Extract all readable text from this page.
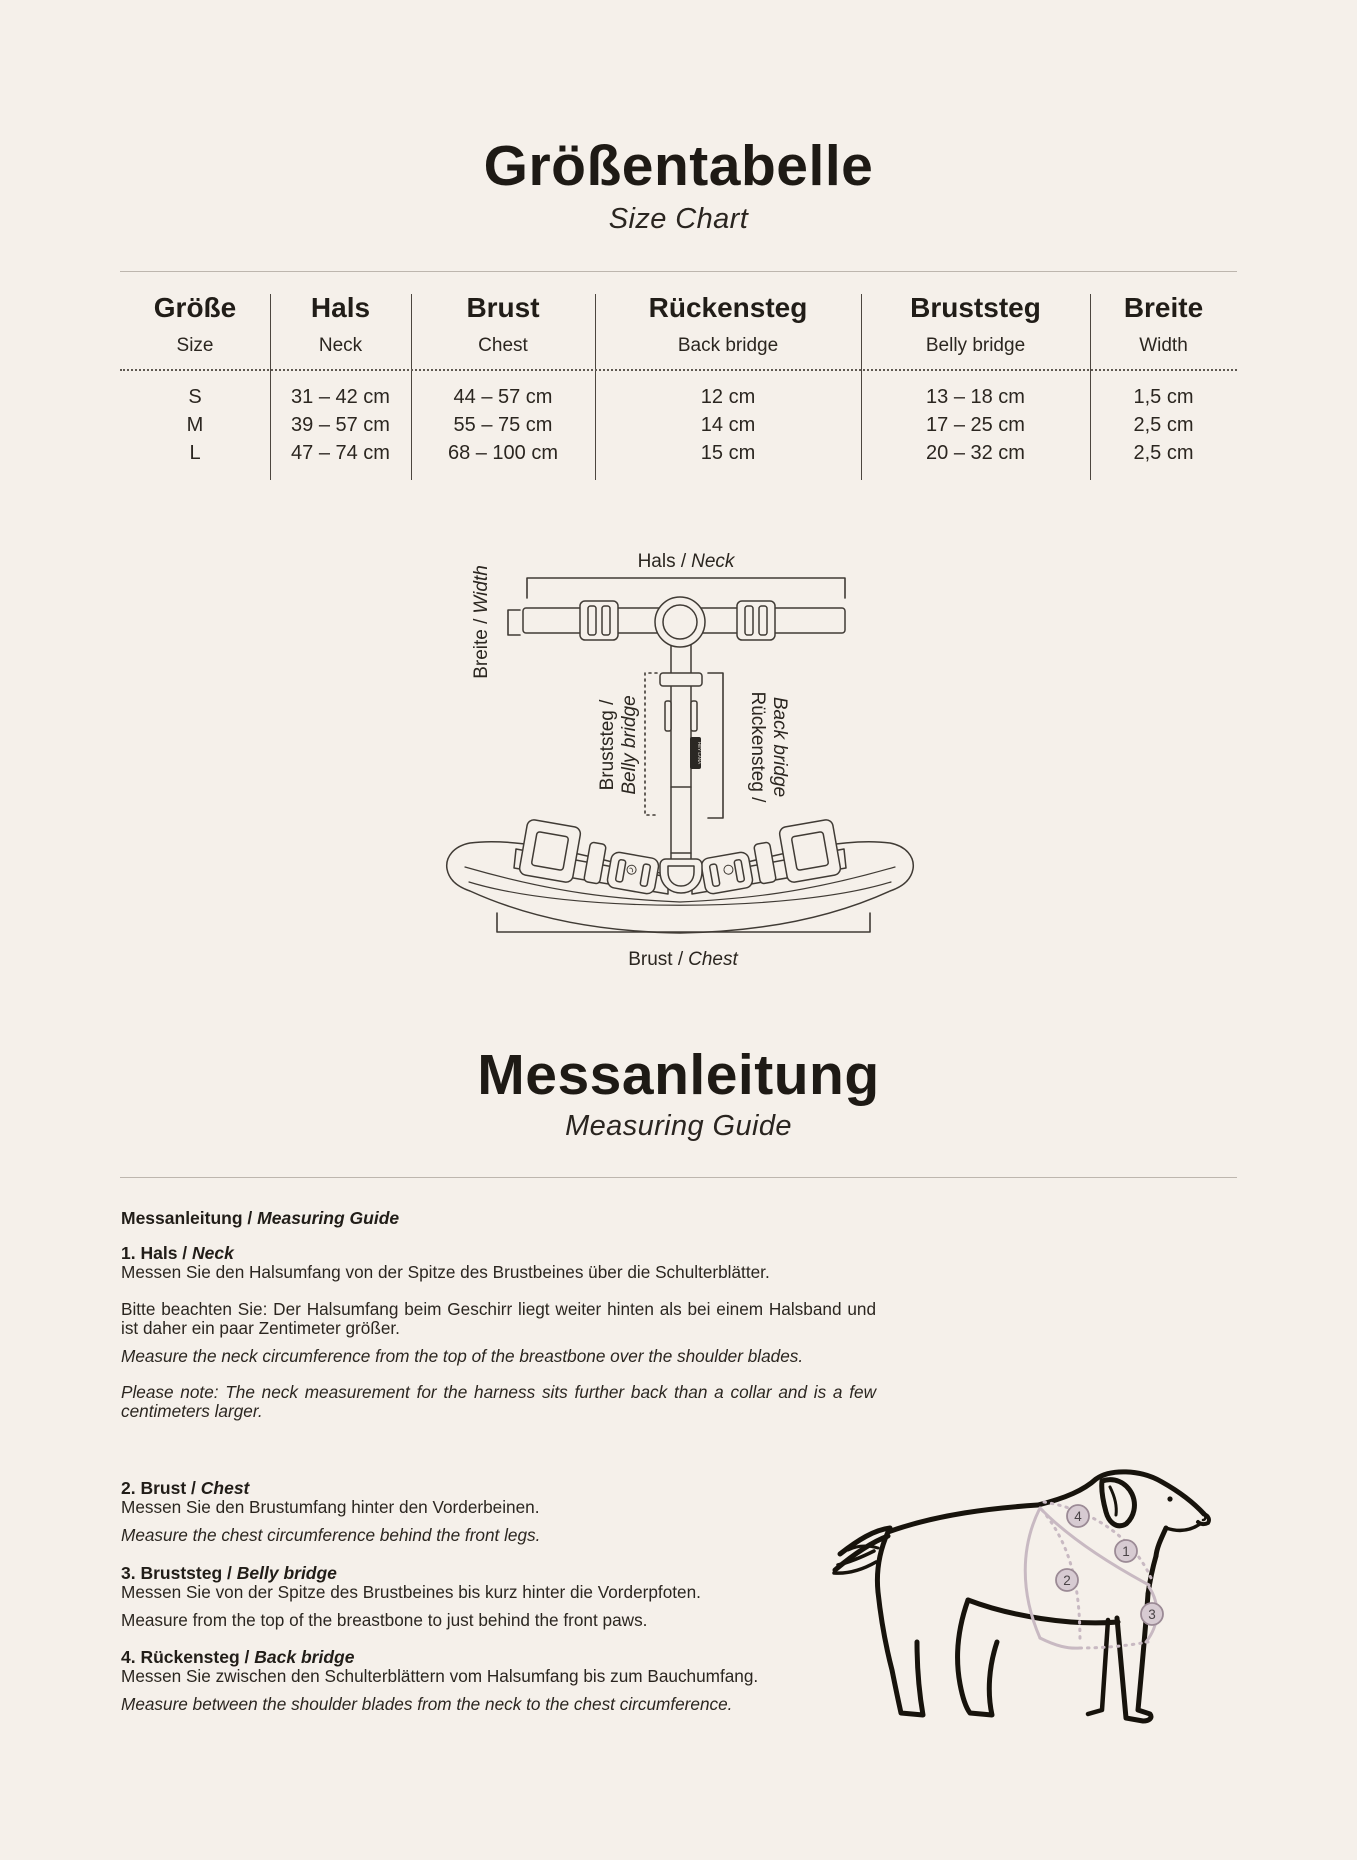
Größentabelle
Size Chart
Größe	Hals	Brust	Rückensteg	Bruststeg	Breite
Size	Neck	Chest	Back bridge	Belly bridge	Width
S	31 – 42 cm	44 – 57 cm	12 cm	13 – 18 cm	1,5 cm
M	39 – 57 cm	55 – 75 cm	14 cm	17 – 25 cm	2,5 cm
L	47 – 74 cm	68 – 100 cm	15 cm	20 – 32 cm	2,5 cm
HEY LANA
Hals / Neck
Breite /Width
Bruststeg / Belly bridge	Rückensteg / Back bridge
Brust / Chest
Messanleitung
Measuring Guide
Messanleitung / Measuring Guide
1. Hals / Neck

Messen Sie den Halsumfang von der Spitze des Brustbeines über die Schulterblätter.

Bitte beachten Sie: Der Halsumfang beim Geschirr liegt weiter hinten als bei einem Halsband und ist daher ein paar Zentimeter größer.

Measure the neck circumference from the top of the breastbone over the shoulder blades.

Please note: The neck measurement for the harness sits further back than a collar and is a few centimeters larger.

2. Brust / Chest

Messen Sie den Brustumfang hinter den Vorderbeinen.

Measure the chest circumference behind the front legs.

3. Bruststeg / Belly bridge

Messen Sie von der Spitze des Brustbeines bis kurz hinter die Vorderpfoten.

Measure from the top of the breastbone to just behind the front paws.

4. Rückensteg / Back bridge

Messen Sie zwischen den Schulterblättern vom Halsumfang bis zum Bauchumfang.

Measure between the shoulder blades from the neck to the chest circumference.

1
2
3
4
